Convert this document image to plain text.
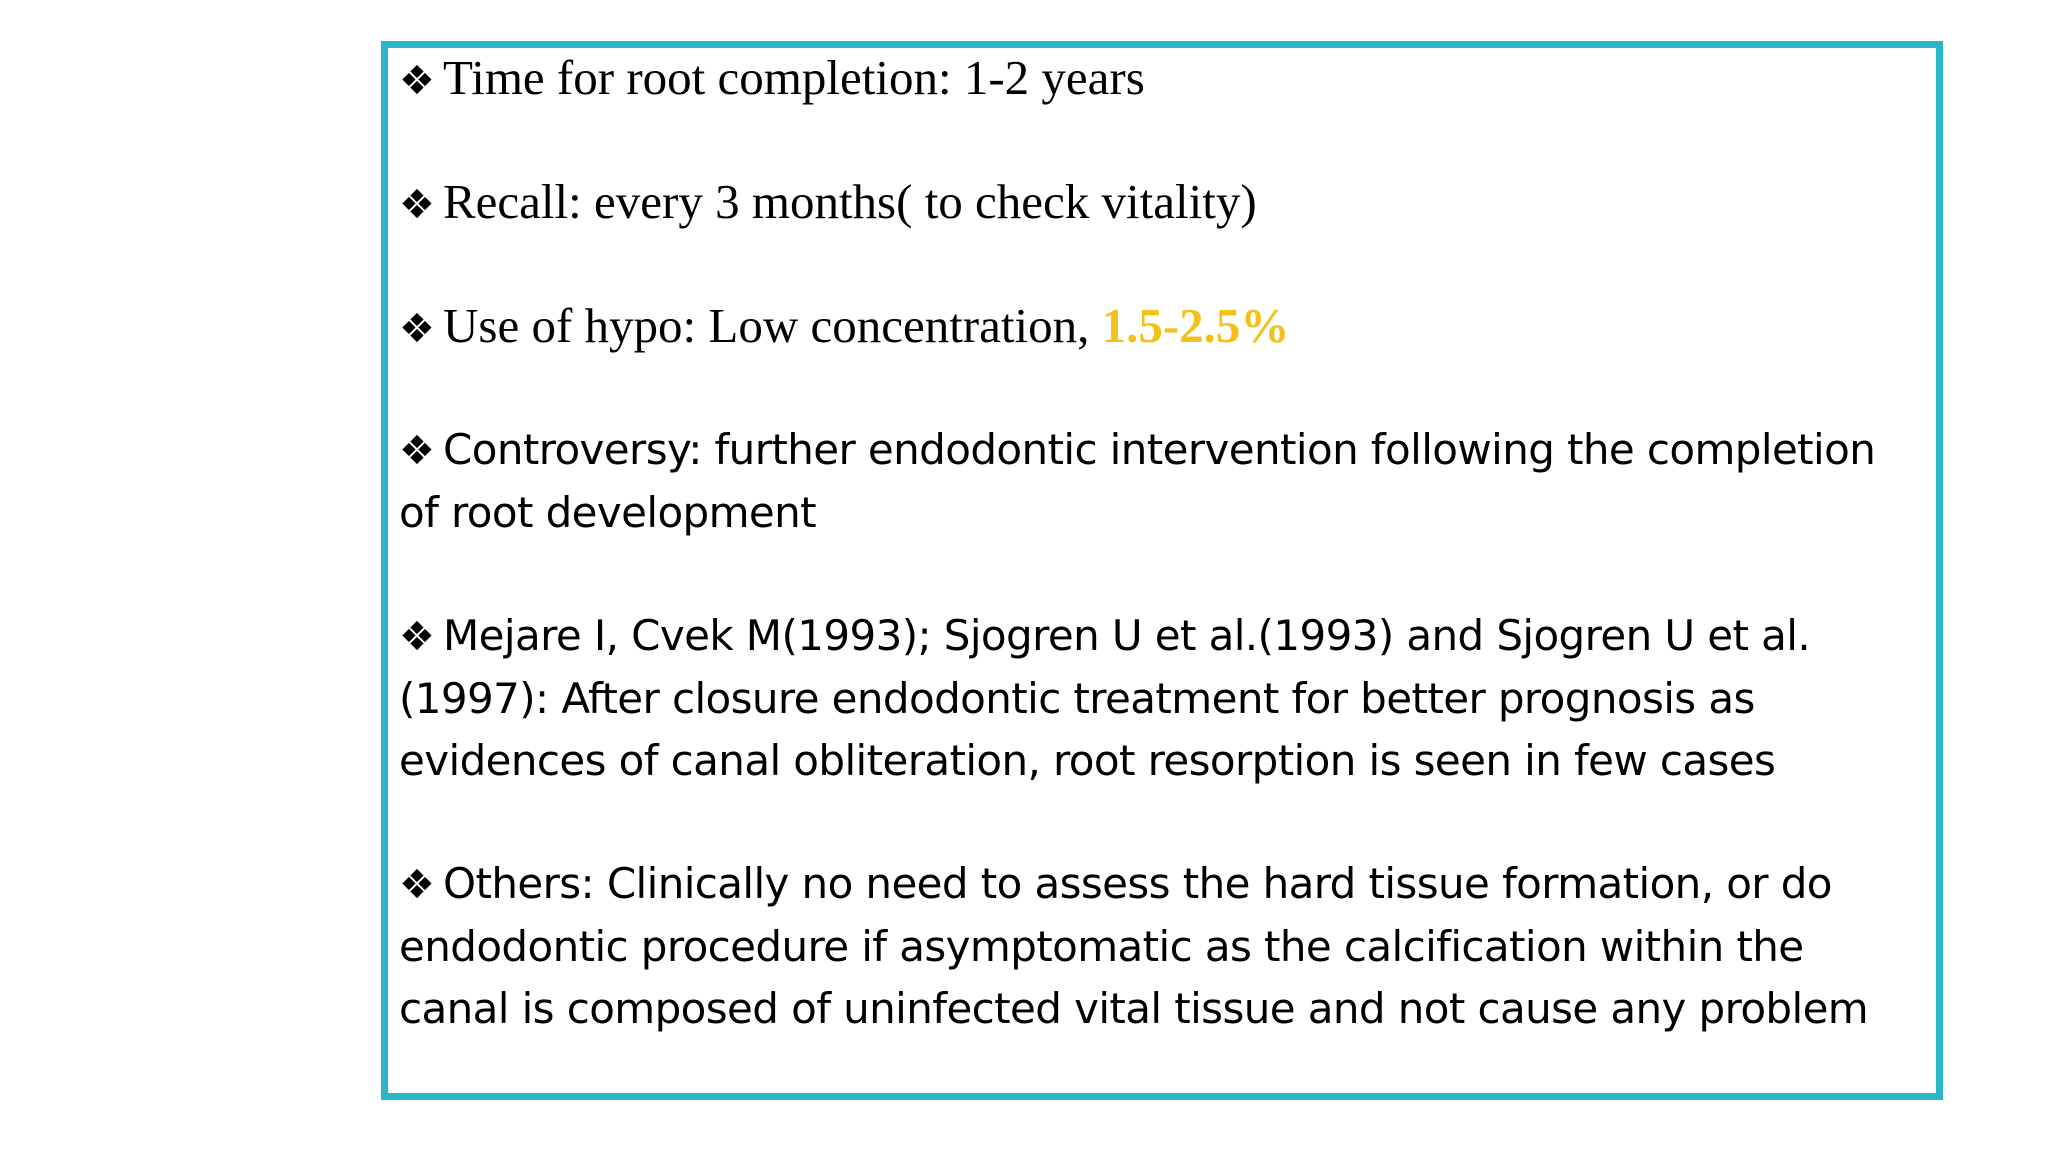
❖ Time for root completion: 1-2 years

❖ Recall: every 3 months( to check vitality)

❖ Use of hypo: Low concentration, 1.5-2.5%

❖ Controversy: further endodontic intervention following the completion
of root development
❖ Mejare I, Cvek M(1993); Sjogren U et al.(1993) and Sjogren U et al.
(1997): After closure endodontic treatment for better prognosis as
evidences of canal obliteration, root resorption is seen in few cases
❖ Others: Clinically no need to assess the hard tissue formation, or do
endodontic procedure if asymptomatic as the calcification within the
canal is composed of uninfected vital tissue and not cause any problem
